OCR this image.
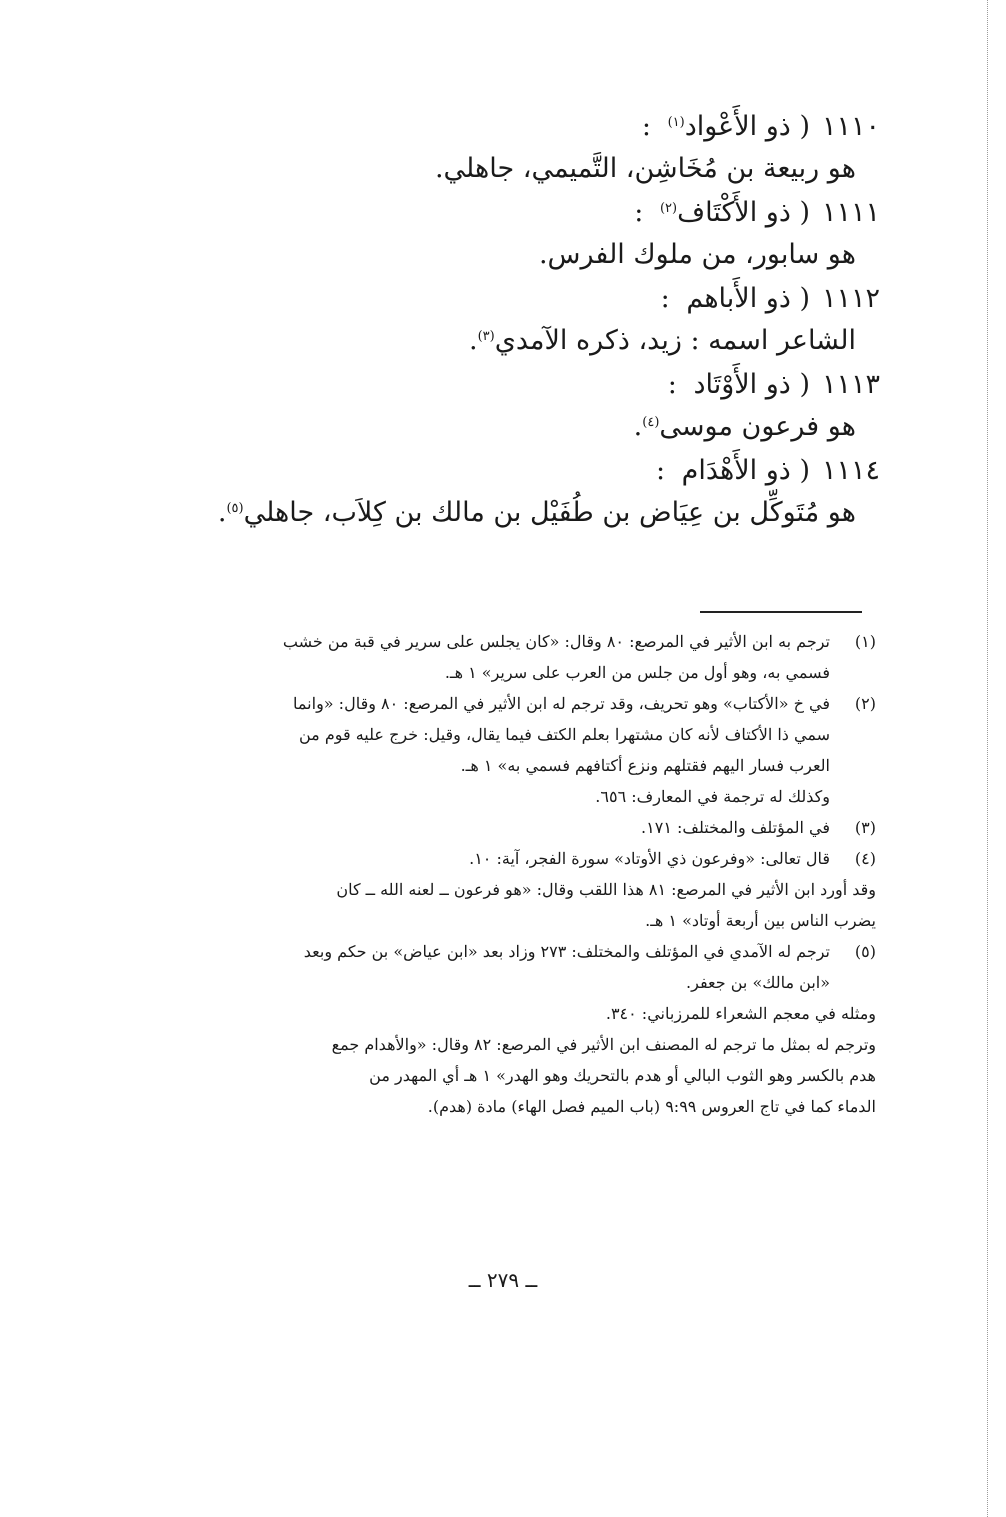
١١١٠( ذو الأَعْواد$^{(١)}$ :
هو ربيعة بن مُخَاشِن، التَّميمي، جاهلي.
١١١١( ذو الأَكْتَاف$^{(٢)}$ :
هو سابور، من ملوك الفرس.
١١١٢( ذو الأَباهم :
الشاعر اسمه : زيد، ذكره الآمدي$^{(٣)}$.
١١١٣( ذو الأَوْتَاد :
هو فرعون موسى$^{(٤)}$.
١١١٤( ذو الأَهْدَام :
هو مُتَوكِّل بن عِيَاض بن طُفَيْل بن مالك بن كِلاَب، جاهلي$^{(٥)}$.
(١)
ترجم به ابن الأثير في المرصع: ٨٠ وقال: «كان يجلس على سرير في قبة من خشب
فسمي به، وهو أول من جلس من العرب على سرير» ١ هـ.
(٢)
في خ «الأكتاب» وهو تحريف، وقد ترجم له ابن الأثير في المرصع: ٨٠ وقال: «وانما
سمي ذا الأكتاف لأنه كان مشتهرا بعلم الكتف فيما يقال، وقيل: خرج عليه قوم من
العرب فسار اليهم فقتلهم ونزع أكتافهم فسمي به» ١ هـ.
وكذلك له ترجمة في المعارف: ٦٥٦.
(٣)
في المؤتلف والمختلف: ١٧١.
(٤)
قال تعالى: «وفرعون ذي الأوتاد» سورة الفجر، آية: ١٠.
وقد أورد ابن الأثير في المرصع: ٨١ هذا اللقب وقال: «هو فرعون ــ لعنه الله ــ كان
يضرب الناس بين أربعة أوتاد» ١ هـ.
(٥)
ترجم له الآمدي في المؤتلف والمختلف: ٢٧٣ وزاد بعد «ابن عياض» بن حكم وبعد
«ابن مالك» بن جعفر.
ومثله في معجم الشعراء للمرزباني: ٣٤٠.
وترجم له بمثل ما ترجم له المصنف ابن الأثير في المرصع: ٨٢ وقال: «والأهدام جمع
هدم بالكسر وهو الثوب البالي أو هدم بالتحريك وهو الهدر» ١ هـ أي المهدر من
الدماء كما في تاج العروس ٩:٩٩ (باب الميم فصل الهاء) مادة (هدم).
ــ ٢٧٩ ــ
